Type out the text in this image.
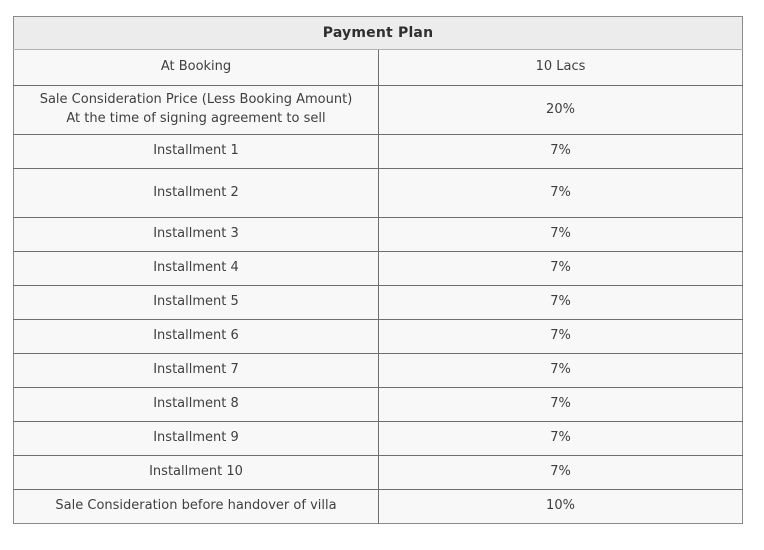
Payment Plan	

At Booking	10 Lacs

Sale Consideration Price (Less Booking Amount)
At the time of signing agreement to sell	20%

Installment 1	7%

Installment 2	7%

Installment 3	7%

Installment 4	7%

Installment 5	7%

Installment 6	7%

Installment 7	7%

Installment 8	7%

Installment 9	7%

Installment 10	7%

Sale Consideration before handover of villa	10%
